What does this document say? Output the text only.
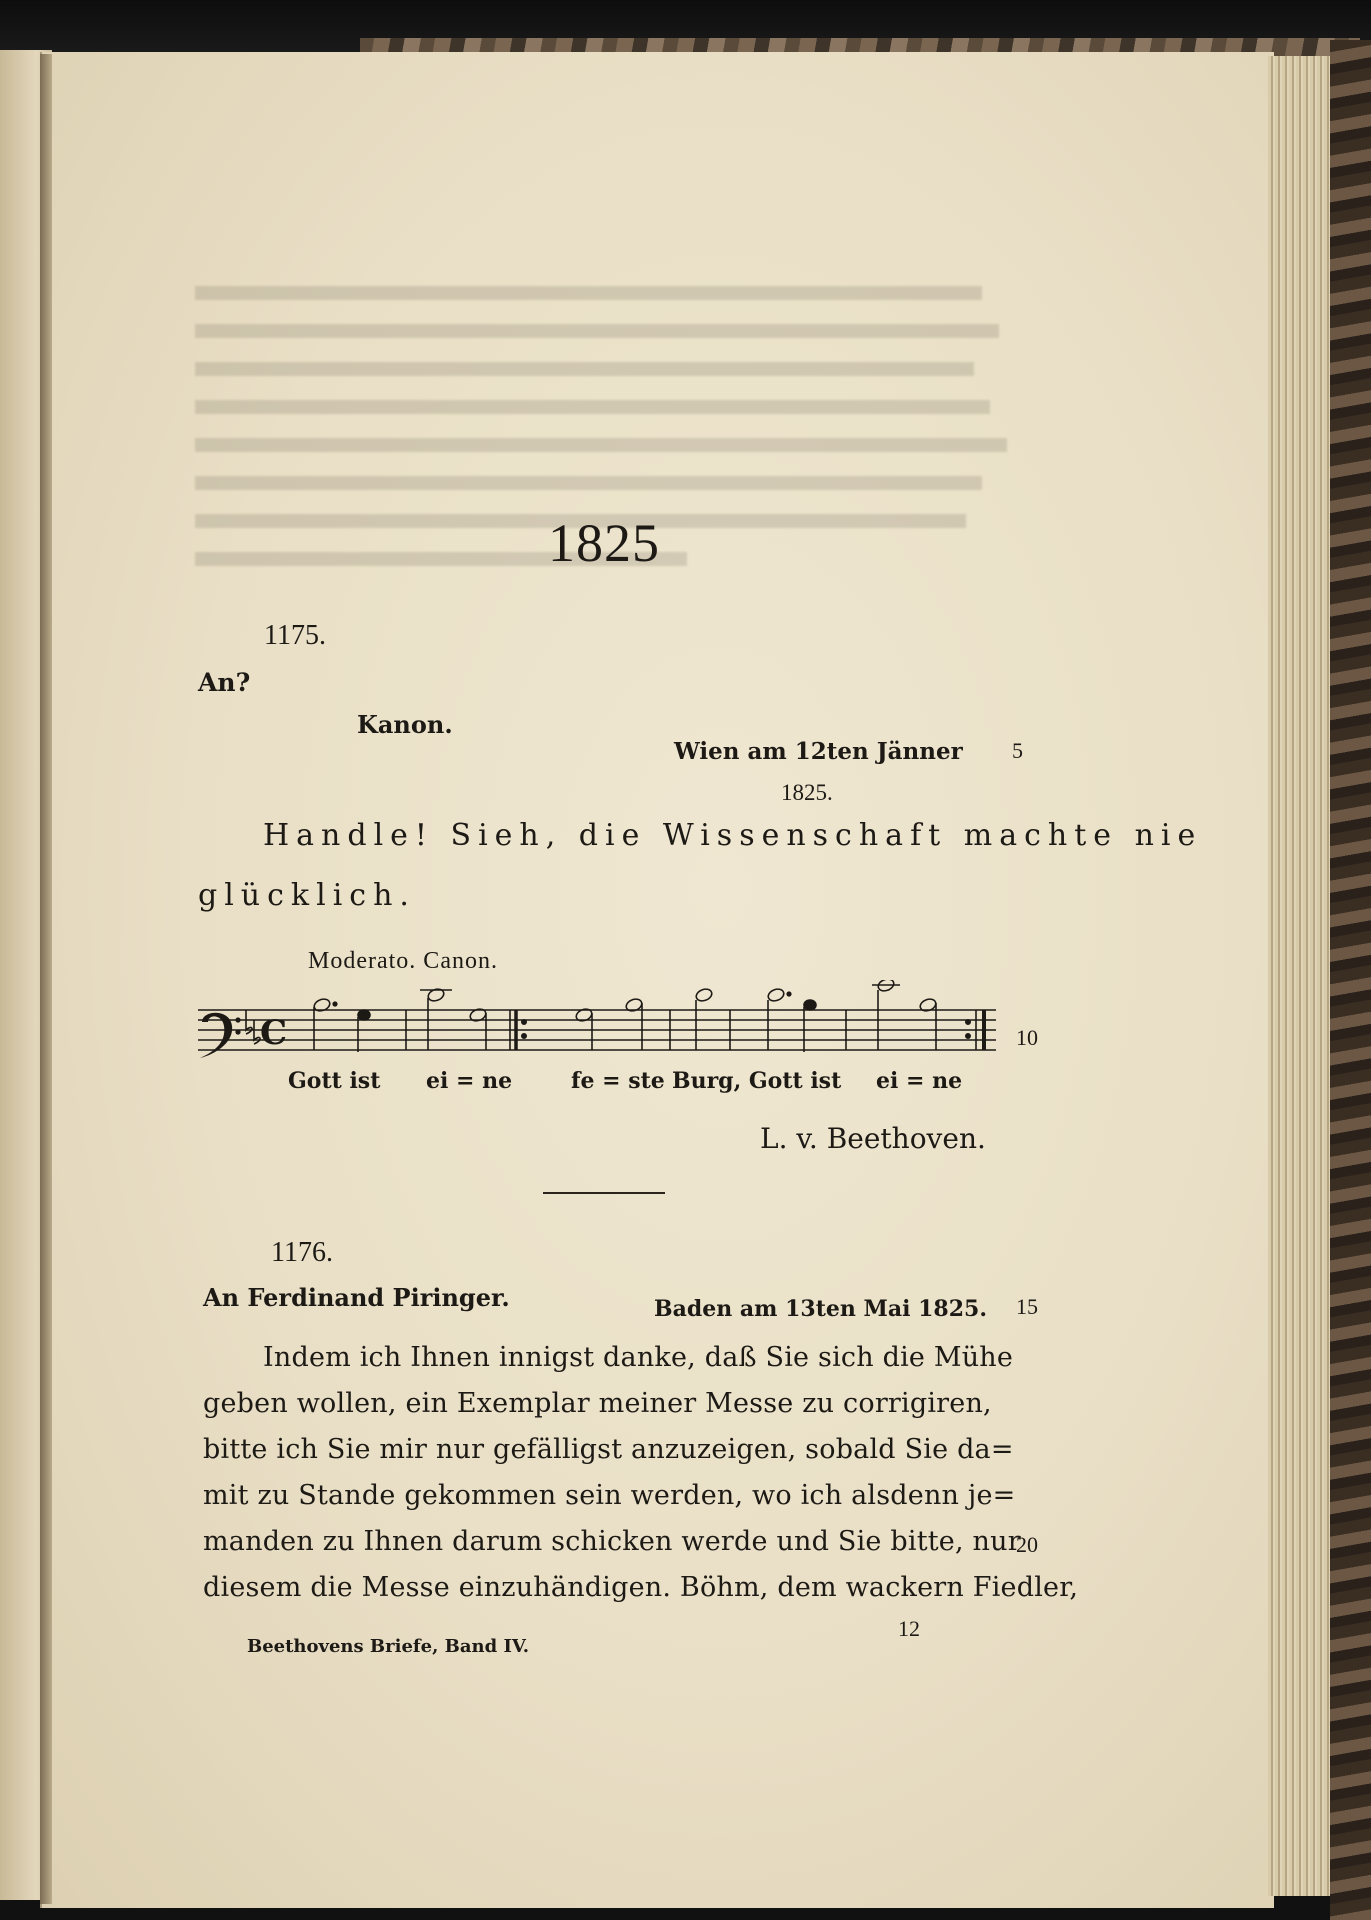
1825
1175.
An?
Kanon.
Wien am 12ten Jänner
1825.
5
Handle! Sieh, die Wissenschaft machte nie
glücklich.
Moderato. Canon.
C	10
Gott ist ei = ne	fe = ste Burg, Gott ist ei = ne
L. v. Beethoven.
1176.
An Ferdinand Piringer.	Baden am 13ten Mai 1825. 15
Indem ich Ihnen innigst danke, daß Sie sich die Mühe
geben wollen, ein Exemplar meiner Messe zu corrigiren,
bitte ich Sie mir nur gefälligst anzuzeigen, sobald Sie da=
mit zu Stande gekommen sein werden, wo ich alsdenn je=
manden zu Ihnen darum schicken werde und Sie bitte, nur
diesem die Messe einzuhändigen. Böhm, dem wackern Fiedler,
20
Beethovens Briefe, Band IV.
12
